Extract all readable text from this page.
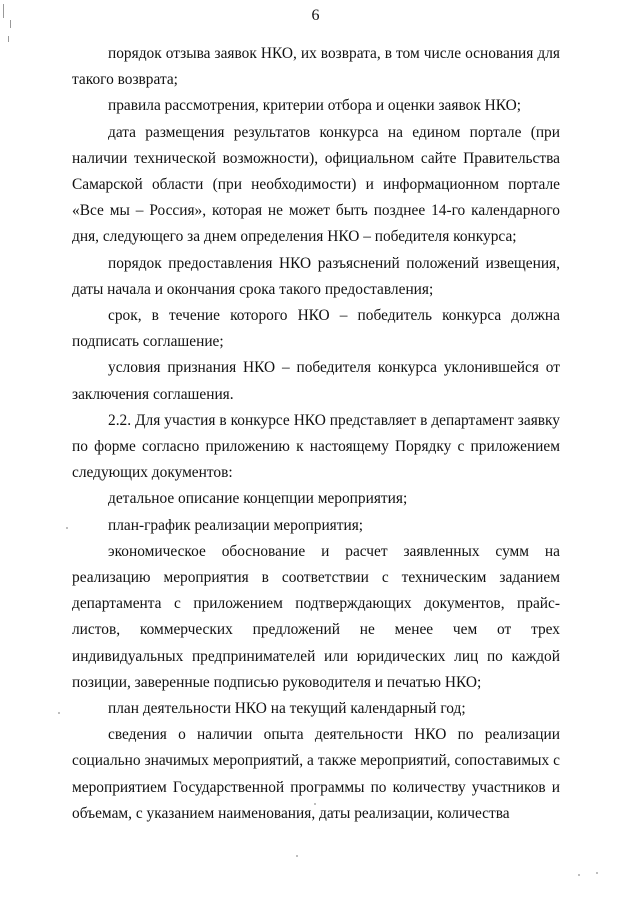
6

порядок отзыва заявок НКО, их возврата, в том числе основания для такого возврата;

правила рассмотрения, критерии отбора и оценки заявок НКО;

дата размещения результатов конкурса на едином портале (при наличии технической возможности), официальном сайте Правительства Самарской области (при необходимости) и информационном портале «Все мы – Россия», которая не может быть позднее 14-го календарного дня, следующего за днем определения НКО – победителя конкурса;

порядок предоставления НКО разъяснений положений извещения, даты начала и окончания срока такого предоставления;

срок, в течение которого НКО – победитель конкурса должна подписать соглашение;

условия признания НКО – победителя конкурса уклонившейся от заключения соглашения.

2.2. Для участия в конкурсе НКО представляет в департамент заявку по форме согласно приложению к настоящему Порядку с приложением следующих документов:

детальное описание концепции мероприятия;

план-график реализации мероприятия;

экономическое обоснование и расчет заявленных сумм на реализацию мероприятия в соответствии с техническим заданием департамента с приложением подтверждающих документов, прайс-листов, коммерческих предложений не менее чем от трех индивидуальных предпринимателей или юридических лиц по каждой позиции, заверенные подписью руководителя и печатью НКО;

план деятельности НКО на текущий календарный год;

сведения о наличии опыта деятельности НКО по реализации социально значимых мероприятий, а также мероприятий, сопоставимых с мероприятием Государственной программы по количеству участников и объемам, с указанием наименования, даты реализации, количества
